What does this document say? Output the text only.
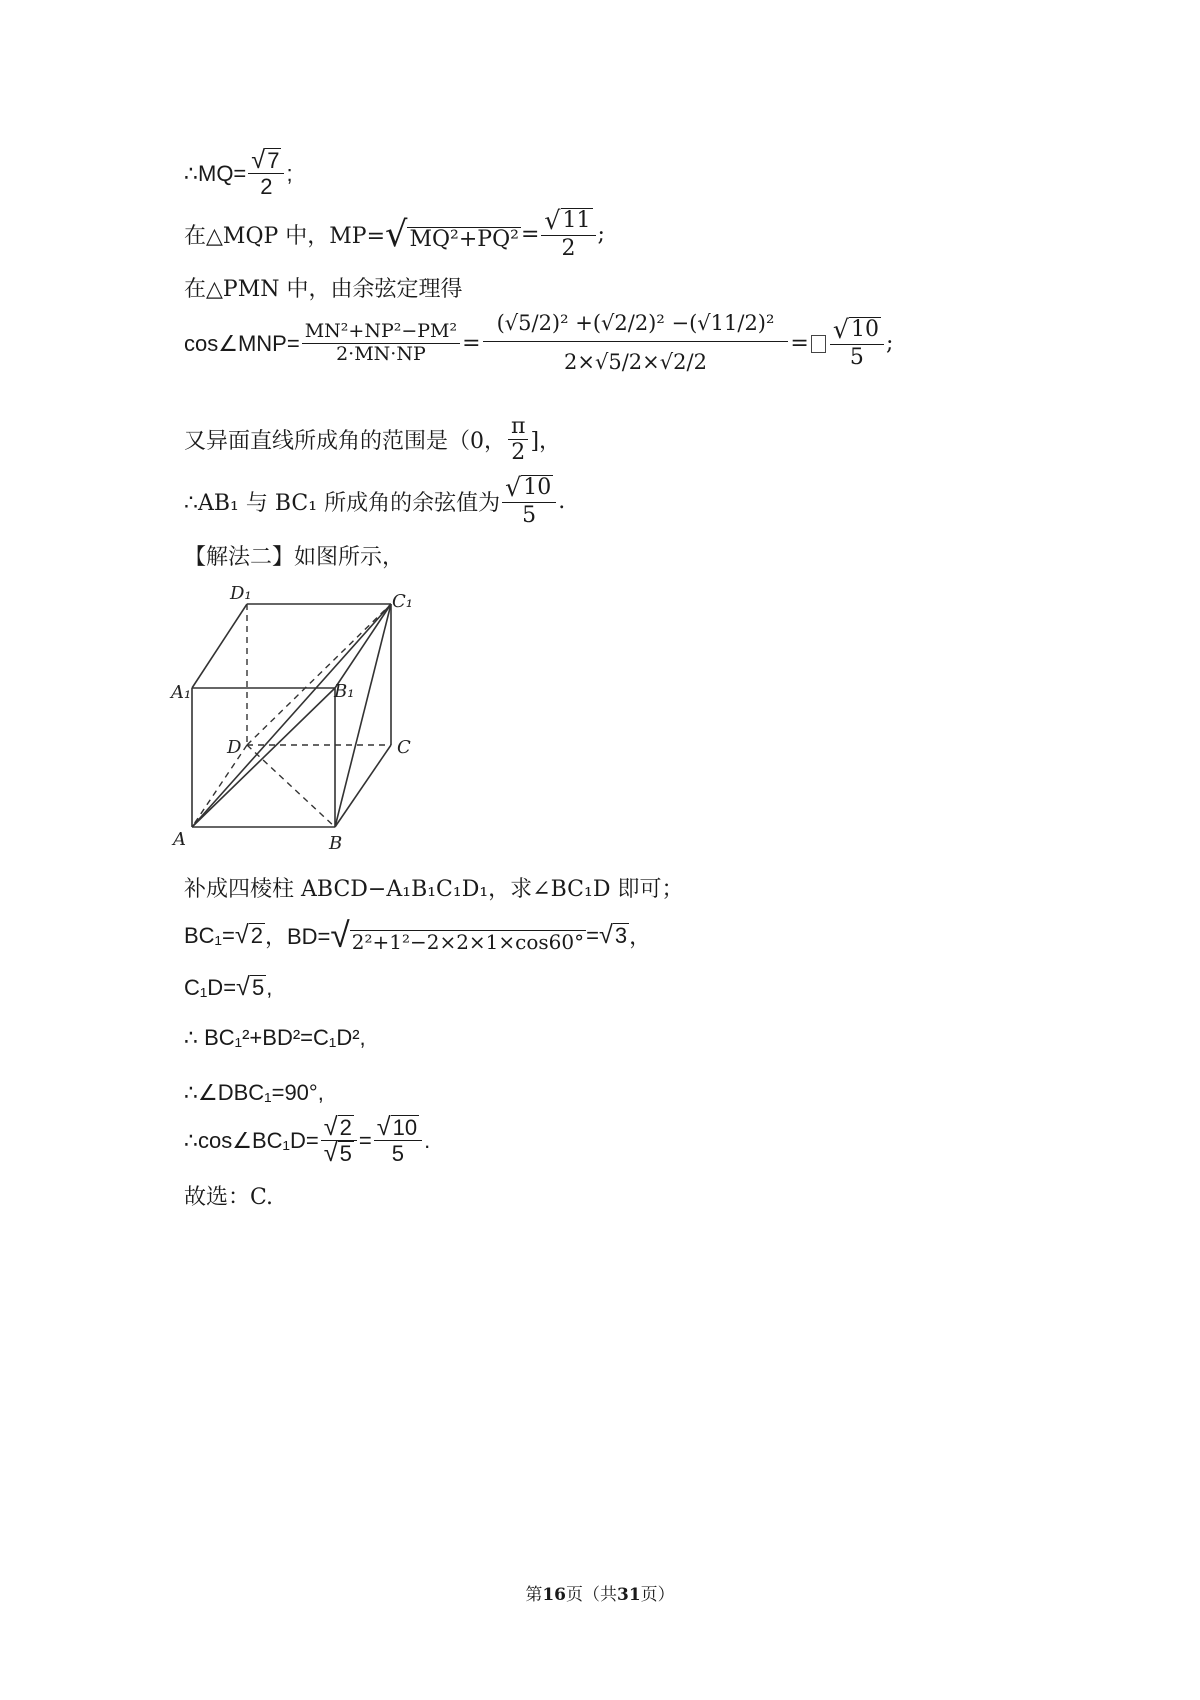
∴MQ= $\frac{√ 7}{2}$ ;
在△MQP 中，MP= √ $MQ^2+PQ^2 = \frac{√ 11}{2}$ ;
在△PMN 中，由余弦定理得
cos∠MNP= $\frac{\text{MN²+NP²−PM²}}{2\cdot MN\cdot NP} = \frac{\text{(√5/2)² +(√2/2)² −(√11/2)²}}{2\times√5/2\times√2/2} = \frac{√ 10}{5}$ ;
又异面直线所成角的范围是（0， $\frac{\pi}{2}$ ]，
∴AB₁ 与 BC₁ 所成角的余弦值为 $\frac{√ 10}{5}$ .
【解法二】如图所示，
D₁	C₁
A₁	B₁
D	C
A	B
补成四棱柱 ABCD−A₁B₁C₁D₁，求∠BC₁D 即可；
BC₁= √ 2 ，BD= √ 2²+1²−2×2×1×cos60° = √ 3 ，
C₁D= √ 5 ,
∴ BC₁²+BD²=C₁D²,
∴∠DBC₁=90°,
∴cos∠BC₁D= $\frac{√ 2}{√ 5} = \frac{√ 10}{5}$ .
故选：C.
第16页（共31页）
